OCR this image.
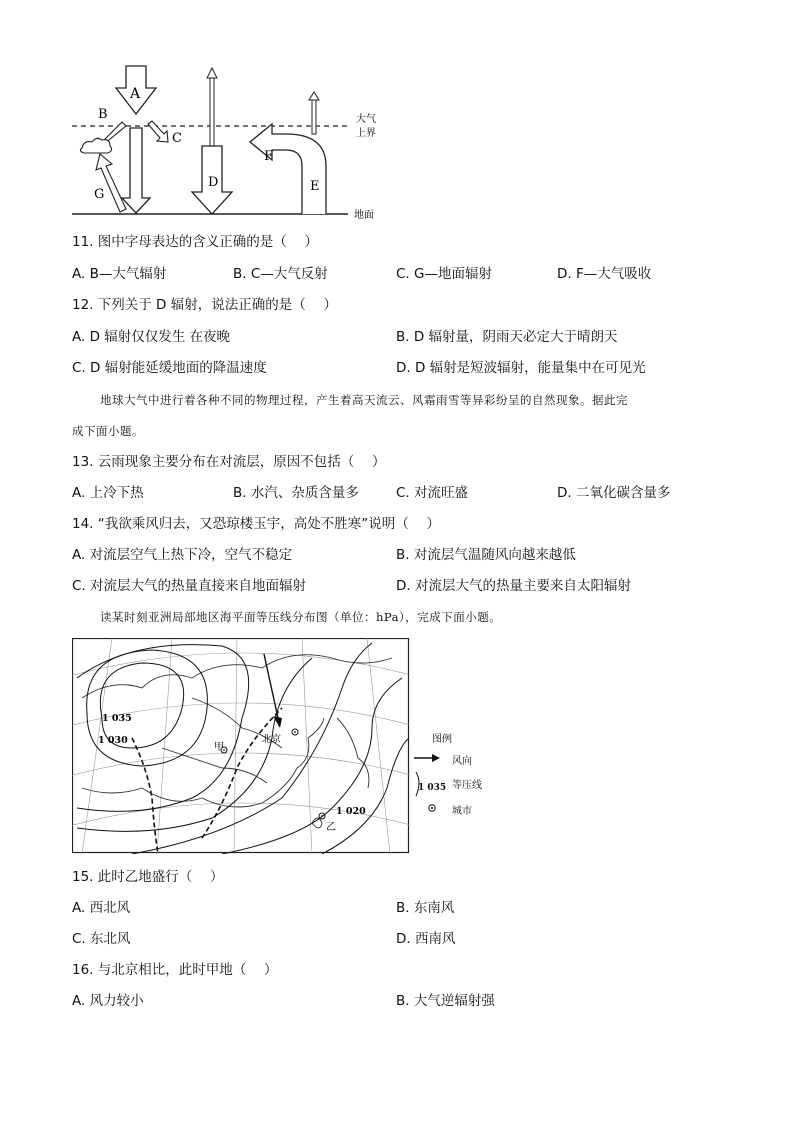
A
B
C
D	E
F
G
大气
上界
地面
11. 图中字母表达的含义正确的是（　 ）
A. B—大气辐射	B. C—大气反射	C. G—地面辐射	D. F—大气吸收
12. 下列关于 D 辐射，说法正确的是（　 ）
A. D 辐射仅仅发生 在夜晚	B. D 辐射量，阴雨天必定大于晴朗天
C. D 辐射能延缓地面的降温速度	D. D 辐射是短波辐射，能量集中在可见光
地球大气中进行着各种不同的物理过程，产生着高天流云、风霜雨雪等异彩纷呈的自然现象。据此完
成下面小题。
13. 云雨现象主要分布在对流层，原因不包括（　 ）
A. 上冷下热	B. 水汽、杂质含量多	C. 对流旺盛	D. 二氧化碳含量多
14. “我欲乘风归去，又恐琼楼玉宇，高处不胜寒”说明（　 ）
A. 对流层空气上热下冷，空气不稳定	B. 对流层气温随风向越来越低
C. 对流层大气的热量直接来自地面辐射	D. 对流层大气的热量主要来自太阳辐射
读某时刻亚洲局部地区海平面等压线分布图（单位：hPa），完成下面小题。
1 035
1 030
1 020
甲
北京
乙
图例
风向
1 035 等压线
城市
15. 此时乙地盛行（　 ）
A. 西北风	B. 东南风
C. 东北风	D. 西南风
16. 与北京相比，此时甲地（　 ）
A. 风力较小	B. 大气逆辐射强
